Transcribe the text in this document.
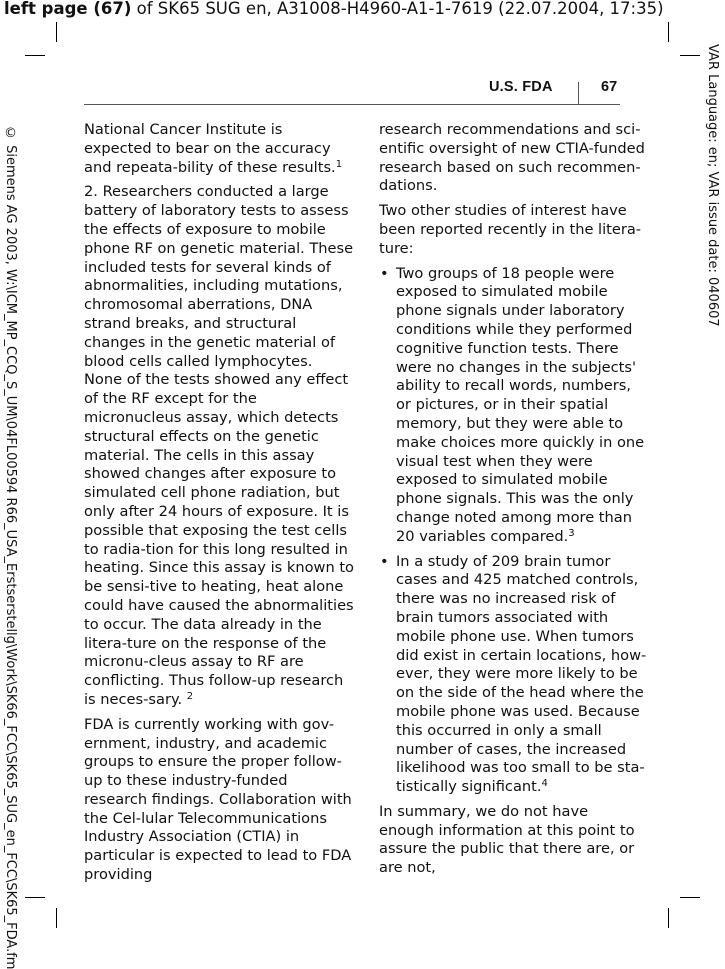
left page (67) of SK65 SUG en, A31008-H4960-A1-1-7619 (22.07.2004, 17:35)
VAR Language: en; VAR issue date: 040607
© Siemens AG 2003, W:\ICM_MP_CCQ_S_UM\04FL00594 R66_USA_Erstserstellg\Work\SK66_FCC\SK65_SUG_en_FCC\SK65_FDA.fm
U.S. FDA	67

National Cancer Institute is expected to bear on the accuracy and repeata-bility of these results.$^1$

2. Researchers conducted a large battery of laboratory tests to assess the effects of exposure to mobile phone RF on genetic material. These included tests for several kinds of abnormalities, including mutations, chromosomal aberrations, DNA strand breaks, and structural changes in the genetic material of blood cells called lymphocytes. None of the tests showed any effect of the RF except for the micronucleus assay, which detects structural effects on the genetic material. The cells in this assay showed changes after exposure to simulated cell phone radiation, but only after 24 hours of exposure. It is possible that exposing the test cells to radia-tion for this long resulted in heating. Since this assay is known to be sensi-tive to heating, heat alone could have caused the abnormalities to occur. The data already in the litera-ture on the response of the micronu-cleus assay to RF are conflicting. Thus follow-up research is neces-sary. $^2$

FDA is currently working with gov-ernment, industry, and academic groups to ensure the proper follow-up to these industry-funded research findings. Collaboration with the Cel-lular Telecommunications Industry Association (CTIA) in particular is expected to lead to FDA providing

research recommendations and sci-entific oversight of new CTIA-funded research based on such recommen-dations.

Two other studies of interest have been reported recently in the litera-ture:

• Two groups of 18 people were exposed to simulated mobile phone signals under laboratory conditions while they performed cognitive function tests. There were no changes in the subjects' ability to recall words, numbers, or pictures, or in their spatial memory, but they were able to make choices more quickly in one visual test when they were exposed to simulated mobile phone signals. This was the only change noted among more than 20 variables compared.$^3$
• In a study of 209 brain tumor cases and 425 matched controls, there was no increased risk of brain tumors associated with mobile phone use. When tumors did exist in certain locations, how-ever, they were more likely to be on the side of the head where the mobile phone was used. Because this occurred in only a small number of cases, the increased likelihood was too small to be sta-tistically significant.$^4$

In summary, we do not have enough information at this point to assure the public that there are, or are not,
